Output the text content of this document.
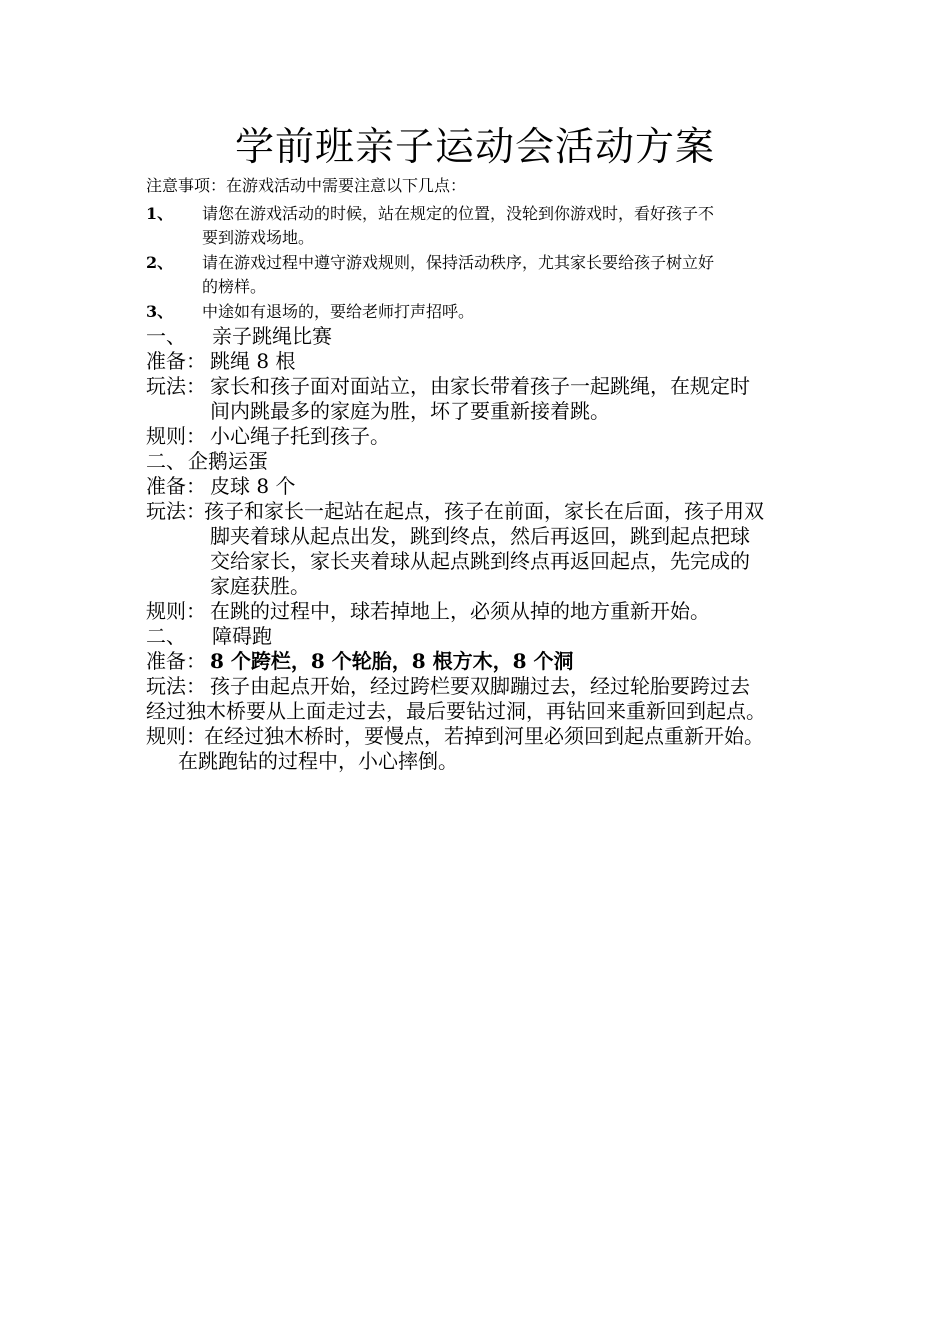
学前班亲子运动会活动方案
注意事项：在游戏活动中需要注意以下几点：
1、 请您在游戏活动的时候，站在规定的位置，没轮到你游戏时，看好孩子不
要到游戏场地。
2、 请在游戏过程中遵守游戏规则，保持活动秩序，尤其家长要给孩子树立好
的榜样。
3、 中途如有退场的，要给老师打声招呼。
一、 亲子跳绳比赛
准备： 跳绳 8 根
玩法： 家长和孩子面对面站立，由家长带着孩子一起跳绳，在规定时
间内跳最多的家庭为胜，坏了要重新接着跳。
规则： 小心绳子托到孩子。
二、 企鹅运蛋
准备： 皮球 8 个
玩法：
孩子和家长一起站在起点，孩子在前面，家长在后面，孩子用双
脚夹着球从起点出发，跳到终点，然后再返回，跳到起点把球
交给家长，家长夹着球从起点跳到终点再返回起点，先完成的
家庭获胜。
规则： 在跳的过程中，球若掉地上，必须从掉的地方重新开始。
二、 障碍跑
准备： 8 个跨栏，8 个轮胎，8 根方木，8 个洞
玩法： 孩子由起点开始，经过跨栏要双脚蹦过去，经过轮胎要跨过去
经过独木桥要从上面走过去，最后要钻过洞，再钻回来重新回到起点。
规则：
在经过独木桥时，要慢点，若掉到河里必须回到起点重新开始。
在跳跑钻的过程中，小心摔倒。
